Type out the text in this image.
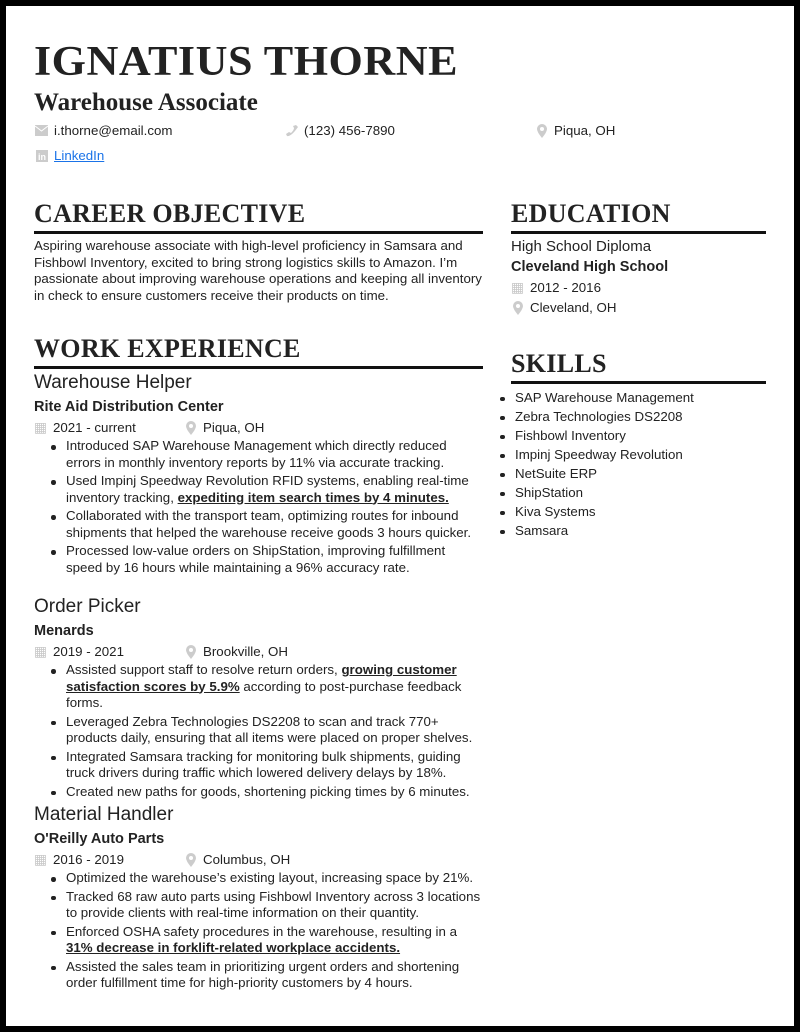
IGNATIUS THORNE
Warehouse Associate
i.thorne@email.com	(123) 456-7890	Piqua, OH
in LinkedIn
CAREER OBJECTIVE
Aspiring warehouse associate with high-level proficiency in Samsara and Fishbowl Inventory, excited to bring strong logistics skills to Amazon. I’m passionate about improving warehouse operations and keeping all inventory in check to ensure customers receive their products on time.
WORK EXPERIENCE
Warehouse Helper
Rite Aid Distribution Center
▦ 2021 - current	Piqua, OH
Introduced SAP Warehouse Management which directly reduced errors in monthly inventory reports by 11% via accurate tracking.
Used Impinj Speedway Revolution RFID systems, enabling real-time inventory tracking, expediting item search times by 4 minutes.
Collaborated with the transport team, optimizing routes for inbound shipments that helped the warehouse receive goods 3 hours quicker.
Processed low-value orders on ShipStation, improving fulfillment speed by 16 hours while maintaining a 96% accuracy rate.
Order Picker
Menards
▦ 2019 - 2021	Brookville, OH
Assisted support staff to resolve return orders, growing customer satisfaction scores by 5.9% according to post-purchase feedback forms.
Leveraged Zebra Technologies DS2208 to scan and track 770+ products daily, ensuring that all items were placed on proper shelves.
Integrated Samsara tracking for monitoring bulk shipments, guiding truck drivers during traffic which lowered delivery delays by 18%.
Created new paths for goods, shortening picking times by 6 minutes.
Material Handler
O'Reilly Auto Parts
▦ 2016 - 2019	Columbus, OH
Optimized the warehouse’s existing layout, increasing space by 21%.
Tracked 68 raw auto parts using Fishbowl Inventory across 3 locations to provide clients with real-time information on their quantity.
Enforced OSHA safety procedures in the warehouse, resulting in a 31% decrease in forklift-related workplace accidents.
Assisted the sales team in prioritizing urgent orders and shortening order fulfillment time for high-priority customers by 4 hours.
EDUCATION
High School Diploma
Cleveland High School
▦ 2012 - 2016
Cleveland, OH
SKILLS
SAP Warehouse Management
Zebra Technologies DS2208
Fishbowl Inventory
Impinj Speedway Revolution
NetSuite ERP
ShipStation
Kiva Systems
Samsara
